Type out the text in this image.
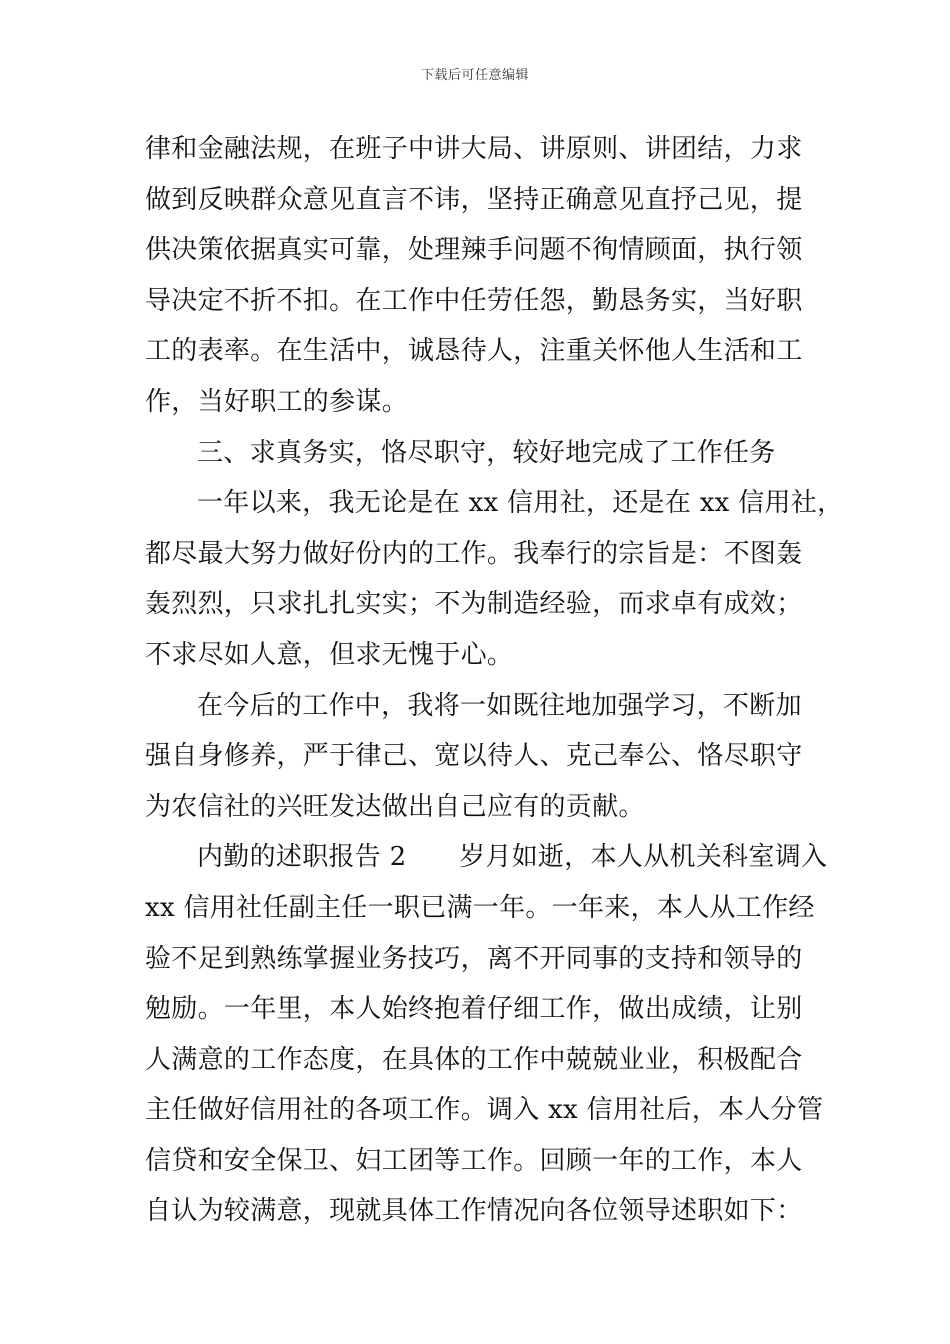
下载后可任意编辑
律和金融法规，在班子中讲大局、讲原则、讲团结，力求
做到反映群众意见直言不讳，坚持正确意见直抒己见，提
供决策依据真实可靠，处理辣手问题不徇情顾面，执行领
导决定不折不扣。在工作中任劳任怨，勤恳务实，当好职
工的表率。在生活中，诚恳待人，注重关怀他人生活和工
作，当好职工的参谋。
三、求真务实，恪尽职守，较好地完成了工作任务
一年以来，我无论是在 xx 信用社，还是在 xx 信用社，
都尽最大努力做好份内的工作。我奉行的宗旨是：不图轰
轰烈烈，只求扎扎实实；不为制造经验，而求卓有成效；
不求尽如人意，但求无愧于心。
在今后的工作中，我将一如既往地加强学习，不断加
强自身修养，严于律己、宽以待人、克己奉公、恪尽职守
为农信社的兴旺发达做出自己应有的贡献。
内勤的述职报告 2　　岁月如逝，本人从机关科室调入
xx 信用社任副主任一职已满一年。一年来，本人从工作经
验不足到熟练掌握业务技巧，离不开同事的支持和领导的
勉励。一年里，本人始终抱着仔细工作，做出成绩，让别
人满意的工作态度，在具体的工作中兢兢业业，积极配合
主任做好信用社的各项工作。调入 xx 信用社后，本人分管
信贷和安全保卫、妇工团等工作。回顾一年的工作，本人
自认为较满意，现就具体工作情况向各位领导述职如下：
